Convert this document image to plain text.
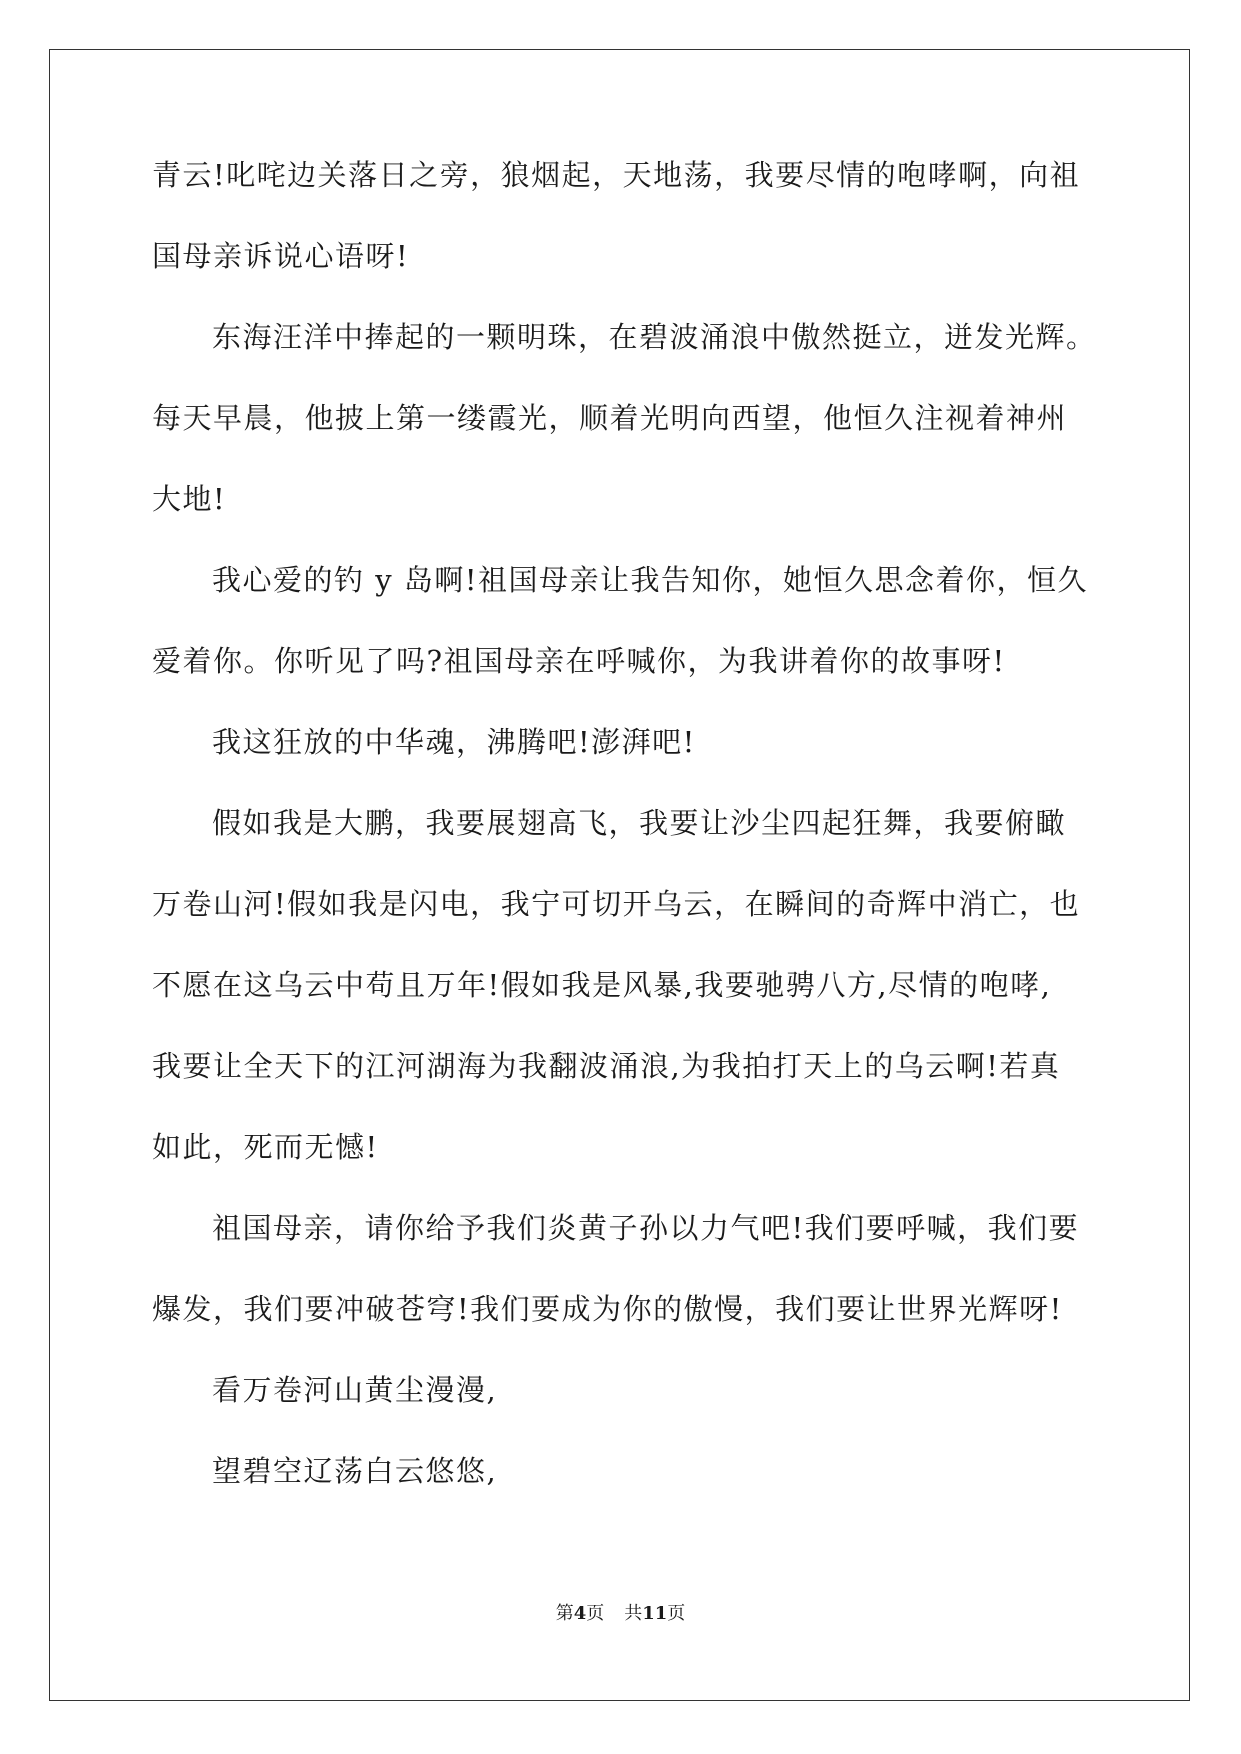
青云!叱咤边关落日之旁，狼烟起，天地荡，我要尽情的咆哮啊，向祖
国母亲诉说心语呀!
东海汪洋中捧起的一颗明珠，在碧波涌浪中傲然挺立，迸发光辉。
每天早晨，他披上第一缕霞光，顺着光明向西望，他恒久注视着神州
大地!
我心爱的钓 y 岛啊!祖国母亲让我告知你，她恒久思念着你，恒久
爱着你。你听见了吗?祖国母亲在呼喊你，为我讲着你的故事呀!
我这狂放的中华魂，沸腾吧!澎湃吧!
假如我是大鹏，我要展翅高飞，我要让沙尘四起狂舞，我要俯瞰
万卷山河!假如我是闪电，我宁可切开乌云，在瞬间的奇辉中消亡，也
不愿在这乌云中苟且万年!假如我是风暴,我要驰骋八方,尽情的咆哮,
我要让全天下的江河湖海为我翻波涌浪,为我拍打天上的乌云啊!若真
如此，死而无憾!
祖国母亲，请你给予我们炎黄子孙以力气吧!我们要呼喊，我们要
爆发，我们要冲破苍穹!我们要成为你的傲慢，我们要让世界光辉呀!
看万卷河山黄尘漫漫,
望碧空辽荡白云悠悠,
第4页 共11页
